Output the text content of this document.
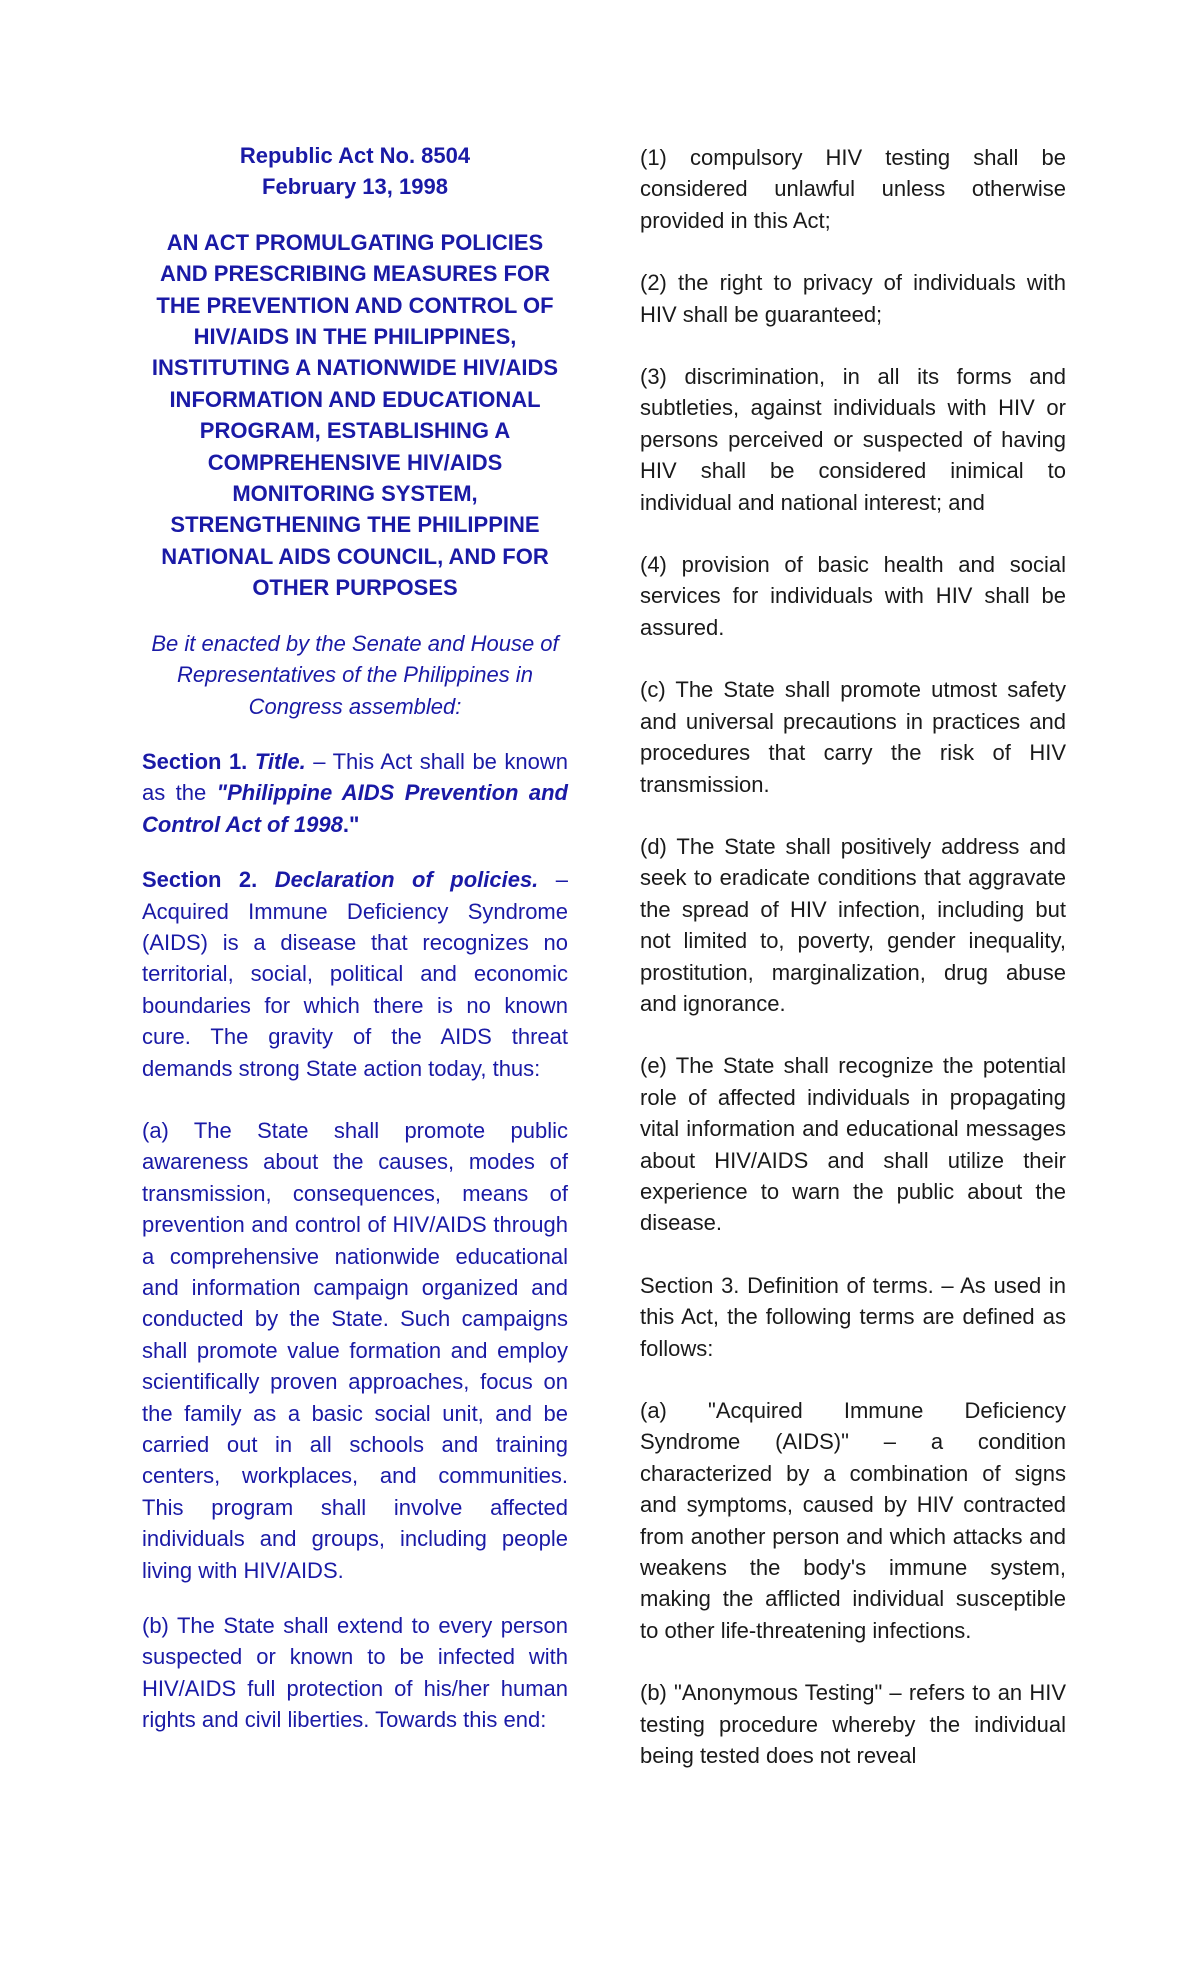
Republic Act No. 8504

February 13, 1998

AN ACT PROMULGATING POLICIES AND PRESCRIBING MEASURES FOR THE PREVENTION AND CONTROL OF HIV/AIDS IN THE PHILIPPINES, INSTITUTING A NATIONWIDE HIV/AIDS INFORMATION AND EDUCATIONAL PROGRAM, ESTABLISHING A COMPREHENSIVE HIV/AIDS MONITORING SYSTEM, STRENGTHENING THE PHILIPPINE NATIONAL AIDS COUNCIL, AND FOR OTHER PURPOSES

Be it enacted by the Senate and House of Representatives of the Philippines in Congress assembled:

Section 1. Title. – This Act shall be known as the "Philippine AIDS Prevention and Control Act of 1998."

Section 2. Declaration of policies. – Acquired Immune Deficiency Syndrome (AIDS) is a disease that recognizes no territorial, social, political and economic boundaries for which there is no known cure. The gravity of the AIDS threat demands strong State action today, thus:

(a) The State shall promote public awareness about the causes, modes of transmission, consequences, means of prevention and control of HIV/AIDS through a comprehensive nationwide educational and information campaign organized and conducted by the State. Such campaigns shall promote value formation and employ scientifically proven approaches, focus on the family as a basic social unit, and be carried out in all schools and training centers, workplaces, and communities. This program shall involve affected individuals and groups, including people living with HIV/AIDS.

(b) The State shall extend to every person suspected or known to be infected with HIV/AIDS full protection of his/her human rights and civil liberties. Towards this end:

(1) compulsory HIV testing shall be considered unlawful unless otherwise provided in this Act;

(2) the right to privacy of individuals with HIV shall be guaranteed;

(3) discrimination, in all its forms and subtleties, against individuals with HIV or persons perceived or suspected of having HIV shall be considered inimical to individual and national interest; and

(4) provision of basic health and social services for individuals with HIV shall be assured.

(c) The State shall promote utmost safety and universal precautions in practices and procedures that carry the risk of HIV transmission.

(d) The State shall positively address and seek to eradicate conditions that aggravate the spread of HIV infection, including but not limited to, poverty, gender inequality, prostitution, marginalization, drug abuse and ignorance.

(e) The State shall recognize the potential role of affected individuals in propagating vital information and educational messages about HIV/AIDS and shall utilize their experience to warn the public about the disease.

Section 3. Definition of terms. – As used in this Act, the following terms are defined as follows:

(a) "Acquired Immune Deficiency Syndrome (AIDS)" – a condition characterized by a combination of signs and symptoms, caused by HIV contracted from another person and which attacks and weakens the body's immune system, making the afflicted individual susceptible to other life-threatening infections.

(b) "Anonymous Testing" – refers to an HIV testing procedure whereby the individual being tested does not reveal
